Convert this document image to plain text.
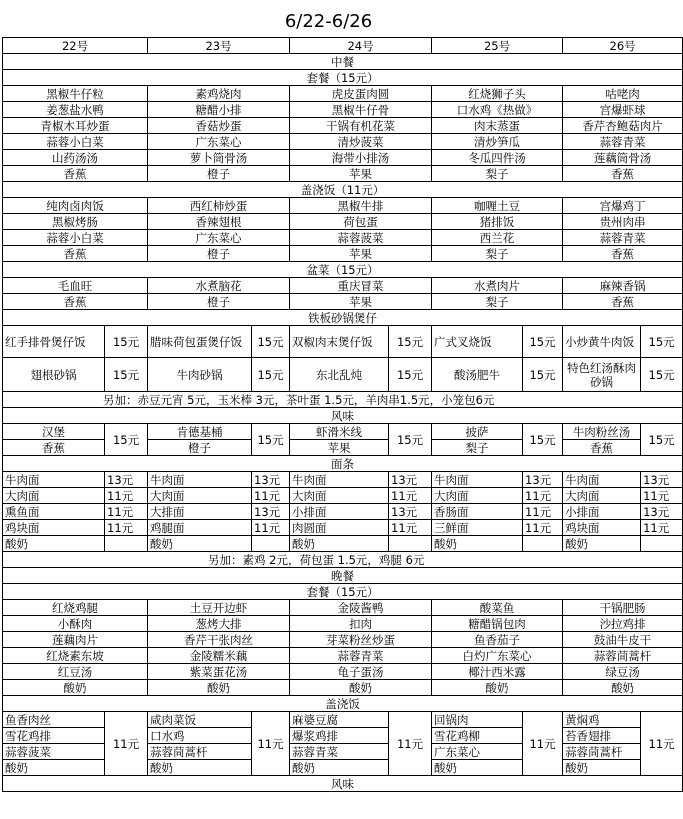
6/22-6/26
22号		23号		24号		25号		26号	
中餐									
套餐（15元）									
黑椒牛仔粒		素鸡烧肉		虎皮蛋肉圆		红烧狮子头		咕咾肉	
姜葱盐水鸭		糖醋小排		黑椒牛仔骨		口水鸡《热做》		宫爆虾球	
青椒木耳炒蛋		香菇炒蛋		干锅有机花菜		肉末蒸蛋		香芹杏鲍菇肉片	
蒜蓉小白菜		广东菜心		清炒菠菜		清炒笋瓜		蒜蓉青菜	
山药汤汤		萝卜筒骨汤		海带小排汤		冬瓜四件汤		莲藕筒骨汤	
香蕉		橙子		苹果		梨子		香蕉	
盖浇饭（11元）									
纯肉卤肉饭		西红柿炒蛋		黑椒牛排		咖喱土豆		宫爆鸡丁	
黑椒烤肠		香辣翅根		荷包蛋		猪排饭		贵州肉串	
蒜蓉小白菜		广东菜心		蒜蓉菠菜		西兰花		蒜蓉青菜	
香蕉		橙子		苹果		梨子		香蕉	
盆菜（15元）									
毛血旺		水煮脑花		重庆冒菜		水煮肉片		麻辣香锅	
香蕉		橙子		苹果		梨子		香蕉	
铁板砂锅煲仔									
红手排骨煲仔饭	15元	腊味荷包蛋煲仔饭	15元	双椒肉末煲仔饭	15元	广式叉烧饭	15元	小炒黄牛肉饭	15元
翅根砂锅	15元	牛肉砂锅	15元	东北乱炖	15元	酸汤肥牛	15元	特色红汤酥肉砂锅	15元
另加：赤豆元宵 5元，玉米棒 3元，茶叶蛋 1.5元，羊肉串1.5元，小笼包6元									
风味									
汉堡	15元	肯德基桶	15元	虾滑米线	15元	披萨	15元	牛肉粉丝汤	15元
香蕉		橙子		苹果		梨子		香蕉	
面条									
牛肉面	13元	牛肉面	13元	牛肉面	13元	牛肉面	13元	牛肉面	13元
大肉面	11元	大肉面	11元	大肉面	11元	大肉面	11元	大肉面	11元
熏鱼面	11元	大排面	13元	小排面	13元	香肠面	11元	小排面	13元
鸡块面	11元	鸡腿面	11元	肉圆面	11元	三鲜面	11元	鸡块面	11元
酸奶		酸奶		酸奶		酸奶		酸奶	
另加：素鸡 2元，荷包蛋 1.5元，鸡腿 6元									
晚餐									
套餐（15元）									
红烧鸡腿		土豆开边虾		金陵酱鸭		酸菜鱼		干锅肥肠	
小酥肉		葱烤大排		扣肉		糖醋锅包肉		沙拉鸡排	
莲藕肉片		香芹干张肉丝		芽菜粉丝炒蛋		鱼香茄子		鼓油牛皮干	
红烧素东坡		金陵糯米藕		蒜蓉青菜		白灼广东菜心		蒜蓉茼蒿杆	
红豆汤		紫菜蛋花汤		龟子蛋汤		椰汁西米露		绿豆汤	
酸奶		酸奶		酸奶		酸奶		酸奶	
盖浇饭									
鱼香肉丝	11元	咸肉菜饭	11元	麻婆豆腐	11元	回锅肉	11元	黄焖鸡	11元
雪花鸡排		口水鸡		爆浆鸡排		雪花鸡柳		苔香翅排	
蒜蓉菠菜		蒜蓉茼蒿杆		蒜蓉青菜		广东菜心		蒜蓉茼蒿杆	
酸奶		酸奶		酸奶		酸奶		酸奶	
风味									
